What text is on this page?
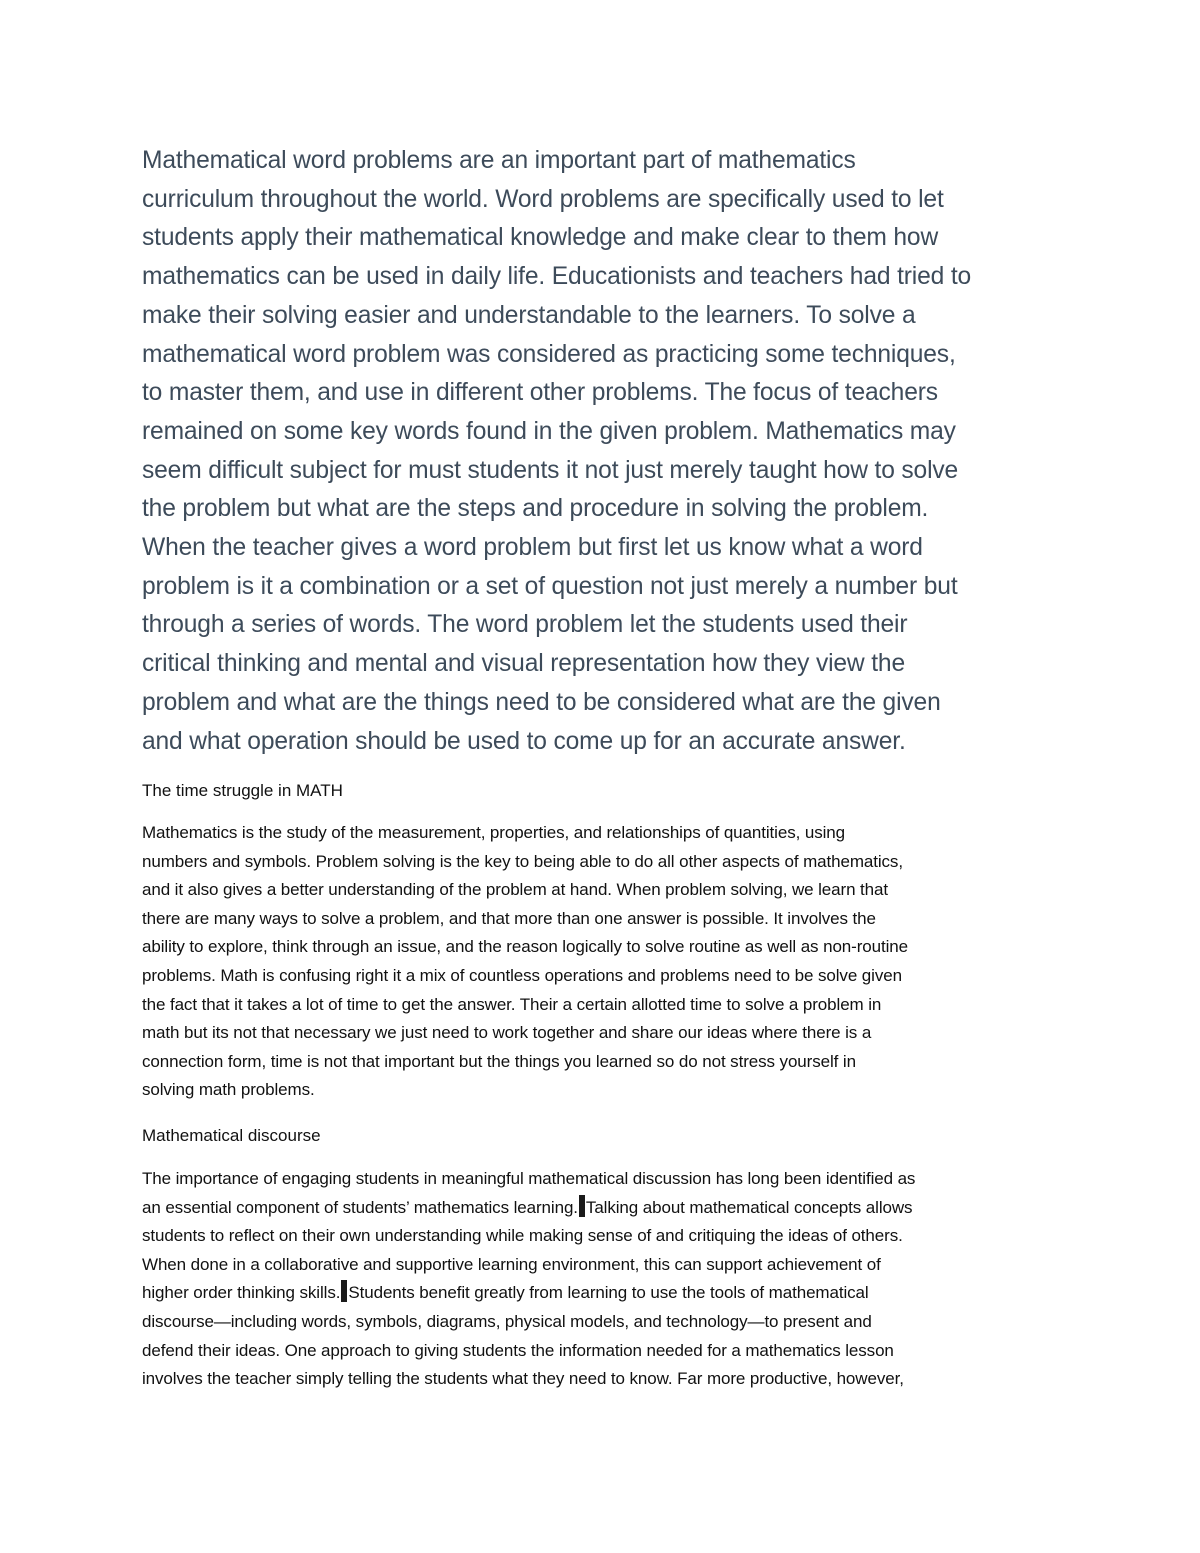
Mathematical word problems are an important part of mathematics
curriculum throughout the world. Word problems are specifically used to let
students apply their mathematical knowledge and make clear to them how
mathematics can be used in daily life. Educationists and teachers had tried to
make their solving easier and understandable to the learners. To solve a
mathematical word problem was considered as practicing some techniques,
to master them, and use in different other problems. The focus of teachers
remained on some key words found in the given problem. Mathematics may
seem difficult subject for must students it not just merely taught how to solve
the problem but what are the steps and procedure in solving the problem.
When the teacher gives a word problem but first let us know what a word
problem is it a combination or a set of question not just merely a number but
through a series of words. The word problem let the students used their
critical thinking and mental and visual representation how they view the
problem and what are the things need to be considered what are the given
and what operation should be used to come up for an accurate answer.

The time struggle in MATH

Mathematics is the study of the measurement, properties, and relationships of quantities, using
numbers and symbols. Problem solving is the key to being able to do all other aspects of mathematics,
and it also gives a better understanding of the problem at hand. When problem solving, we learn that
there are many ways to solve a problem, and that more than one answer is possible. It involves the
ability to explore, think through an issue, and the reason logically to solve routine as well as non-routine
problems. Math is confusing right it a mix of countless operations and problems need to be solve given
the fact that it takes a lot of time to get the answer. Their a certain allotted time to solve a problem in
math but its not that necessary we just need to work together and share our ideas where there is a
connection form, time is not that important but the things you learned so do not stress yourself in
solving math problems.

Mathematical discourse

The importance of engaging students in meaningful mathematical discussion has long been identified as
an essential component of students’ mathematics learning. Talking about mathematical concepts allows
students to reflect on their own understanding while making sense of and critiquing the ideas of others.
When done in a collaborative and supportive learning environment, this can support achievement of
higher order thinking skills. Students benefit greatly from learning to use the tools of mathematical
discourse—including words, symbols, diagrams, physical models, and technology—to present and
defend their ideas. One approach to giving students the information needed for a mathematics lesson
involves the teacher simply telling the students what they need to know. Far more productive, however,
